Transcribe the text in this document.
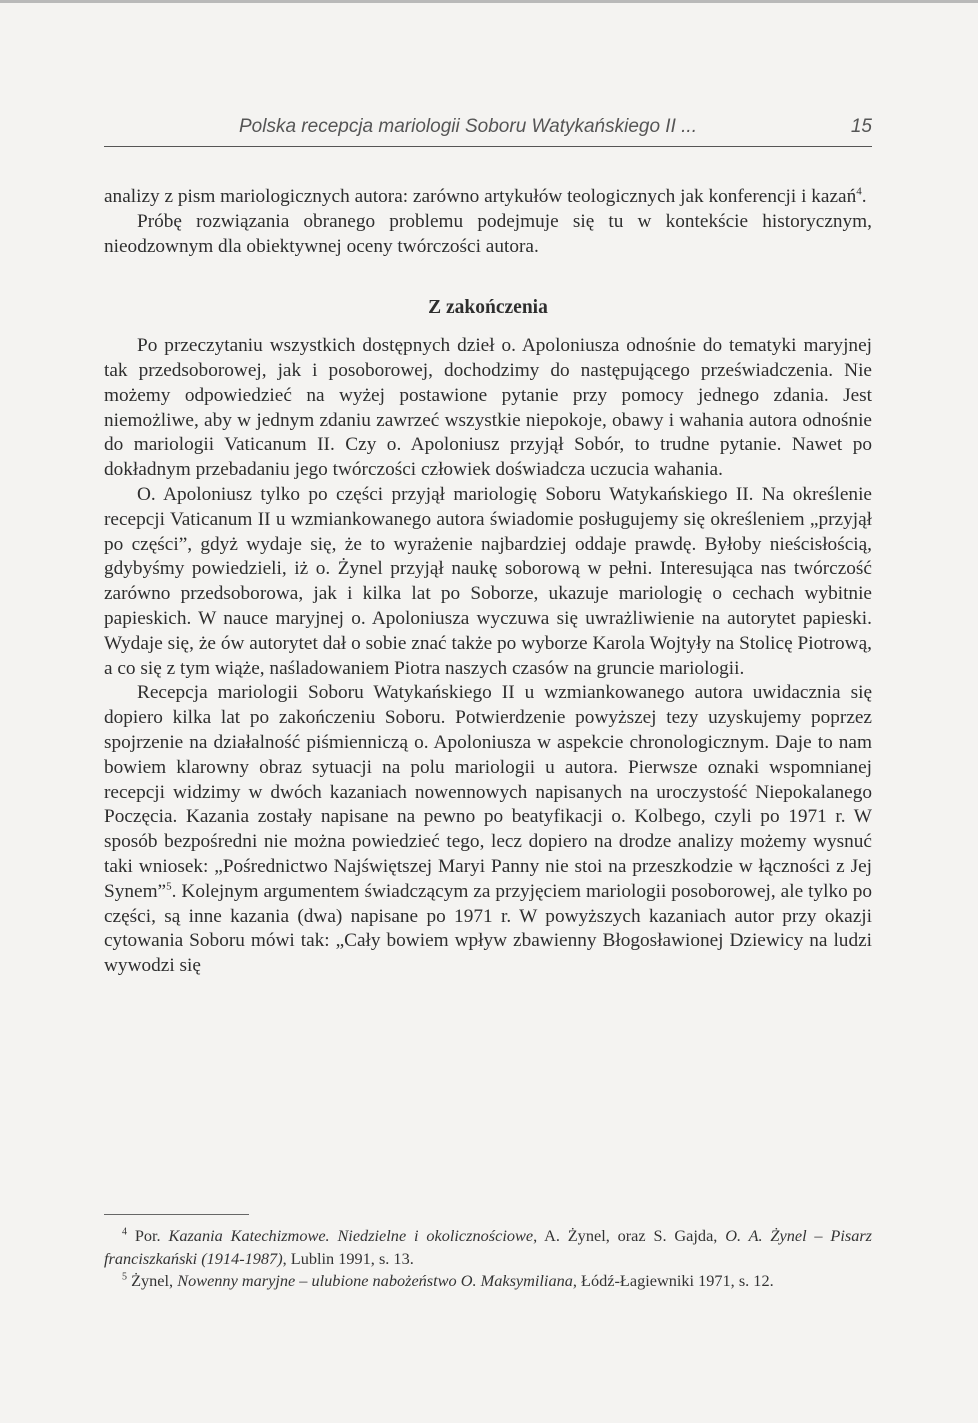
Polska recepcja mariologii Soboru Watykańskiego II ...	15

analizy z pism mariologicznych autora: zarówno artykułów teologicznych jak konferencji i kazań$^4$.

Próbę rozwiązania obranego problemu podejmuje się tu w kontekście historycznym, nieodzownym dla obiektywnej oceny twórczości autora.

Z zakończenia

Po przeczytaniu wszystkich dostępnych dzieł o. Apoloniusza odnośnie do tematyki maryjnej tak przedsoborowej, jak i posoborowej, dochodzimy do następującego przeświadczenia. Nie możemy odpowiedzieć na wyżej postawione pytanie przy pomocy jednego zdania. Jest niemożliwe, aby w jednym zdaniu zawrzeć wszystkie niepokoje, obawy i wahania autora odnośnie do mariologii Vaticanum II. Czy o. Apoloniusz przyjął Sobór, to trudne pytanie. Nawet po dokładnym przebadaniu jego twórczości człowiek doświadcza uczucia wahania.

O. Apoloniusz tylko po części przyjął mariologię Soboru Watykańskiego II. Na określenie recepcji Vaticanum II u wzmiankowanego autora świadomie posługujemy się określeniem „przyjął po części”, gdyż wydaje się, że to wyrażenie najbardziej oddaje prawdę. Byłoby nieścisłością, gdybyśmy powiedzieli, iż o. Żynel przyjął naukę soborową w pełni. Interesująca nas twórczość zarówno przedsoborowa, jak i kilka lat po Soborze, ukazuje mariologię o cechach wybitnie papieskich. W nauce maryjnej o. Apoloniusza wyczuwa się uwrażliwienie na autorytet papieski. Wydaje się, że ów autorytet dał o sobie znać także po wyborze Karola Wojtyły na Stolicę Piotrową, a co się z tym wiąże, naśladowaniem Piotra naszych czasów na gruncie mariologii.

Recepcja mariologii Soboru Watykańskiego II u wzmiankowanego autora uwidacznia się dopiero kilka lat po zakończeniu Soboru. Potwierdzenie powyższej tezy uzyskujemy poprzez spojrzenie na działalność piśmienniczą o. Apoloniusza w aspekcie chronologicznym. Daje to nam bowiem klarowny obraz sytuacji na polu mariologii u autora. Pierwsze oznaki wspomnianej recepcji widzimy w dwóch kazaniach nowennowych napisanych na uroczystość Niepokalanego Poczęcia. Kazania zostały napisane na pewno po beatyfikacji o. Kolbego, czyli po 1971 r. W sposób bezpośredni nie można powiedzieć tego, lecz dopiero na drodze analizy możemy wysnuć taki wniosek: „Pośrednictwo Najświętszej Maryi Panny nie stoi na przeszkodzie w łączności z Jej Synem”$^5$. Kolejnym argumentem świadczącym za przyjęciem mariologii posoborowej, ale tylko po części, są inne kazania (dwa) napisane po 1971 r. W powyższych kazaniach autor przy okazji cytowania Soboru mówi tak: „Cały bowiem wpływ zbawienny Błogosławionej Dziewicy na ludzi wywodzi się

$^4$ Por. Kazania Katechizmowe. Niedzielne i okolicznościowe, A. Żynel, oraz S. Gajda, O. A. Żynel – Pisarz franciszkański (1914-1987), Lublin 1991, s. 13.

$^5$ Żynel, Nowenny maryjne – ulubione nabożeństwo O. Maksymiliana, Łódź-Łagiewniki 1971, s. 12.
